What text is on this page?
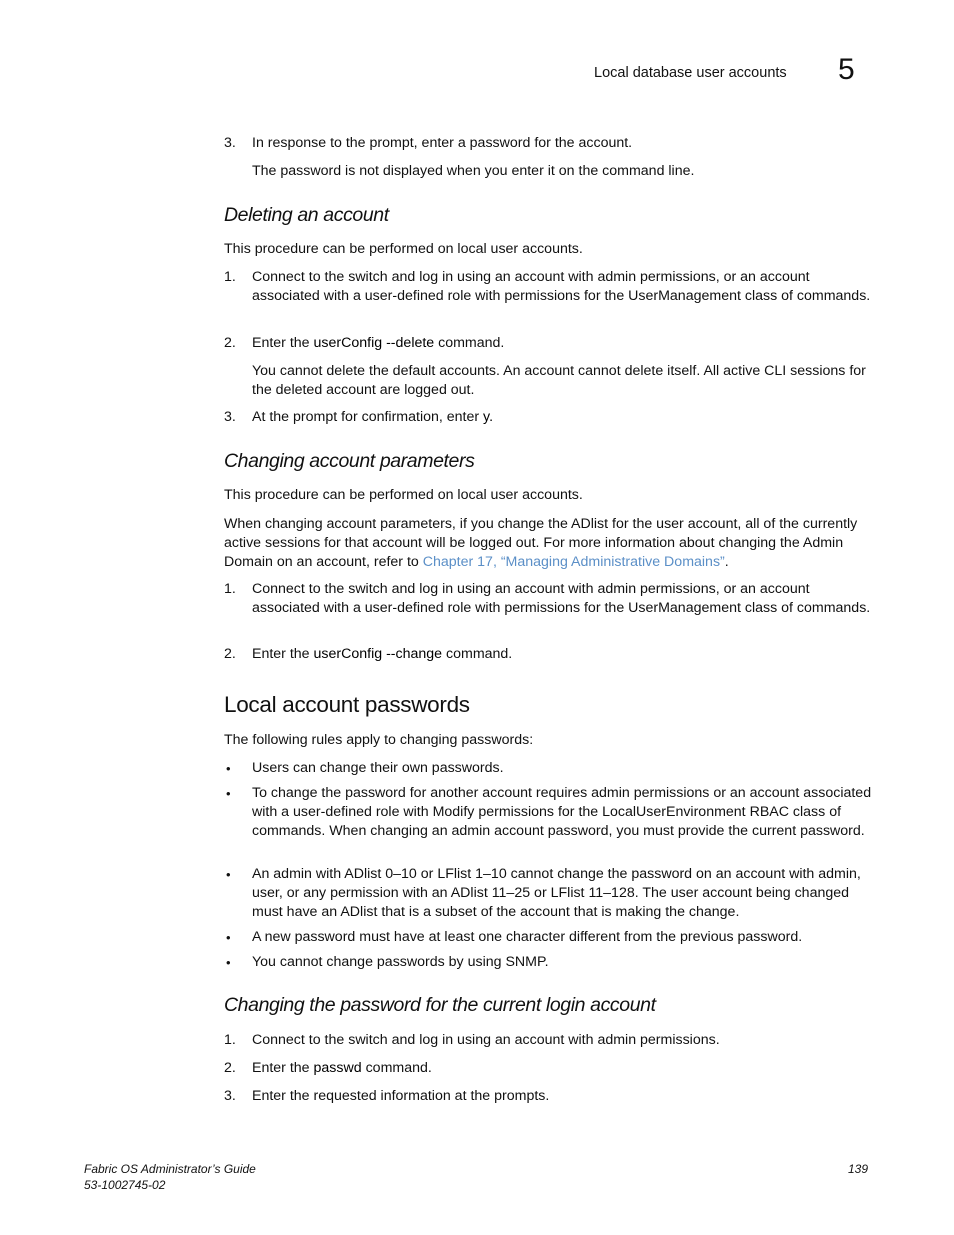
Local database user accounts 5
3. In response to the prompt, enter a password for the account.
The password is not displayed when you enter it on the command line.
Deleting an account
This procedure can be performed on local user accounts.
1. Connect to the switch and log in using an account with admin permissions, or an account associated with a user-defined role with permissions for the UserManagement class of commands.
2. Enter the userConfig --delete command.
You cannot delete the default accounts. An account cannot delete itself. All active CLI sessions for the deleted account are logged out.
3. At the prompt for confirmation, enter y.
Changing account parameters
This procedure can be performed on local user accounts.
When changing account parameters, if you change the ADlist for the user account, all of the currently active sessions for that account will be logged out. For more information about changing the Admin Domain on an account, refer to Chapter 17, “Managing Administrative Domains”.
1. Connect to the switch and log in using an account with admin permissions, or an account associated with a user-defined role with permissions for the UserManagement class of commands.
2. Enter the userConfig --change command.
Local account passwords
The following rules apply to changing passwords:
• Users can change their own passwords.
• To change the password for another account requires admin permissions or an account associated with a user-defined role with Modify permissions for the LocalUserEnvironment RBAC class of commands. When changing an admin account password, you must provide the current password.
• An admin with ADlist 0–10 or LFlist 1–10 cannot change the password on an account with admin, user, or any permission with an ADlist 11–25 or LFlist 11–128. The user account being changed must have an ADlist that is a subset of the account that is making the change.
• A new password must have at least one character different from the previous password.
• You cannot change passwords by using SNMP.
Changing the password for the current login account
1. Connect to the switch and log in using an account with admin permissions.
2. Enter the passwd command.
3. Enter the requested information at the prompts.
Fabric OS Administrator’s Guide
53-1002745-02
139
